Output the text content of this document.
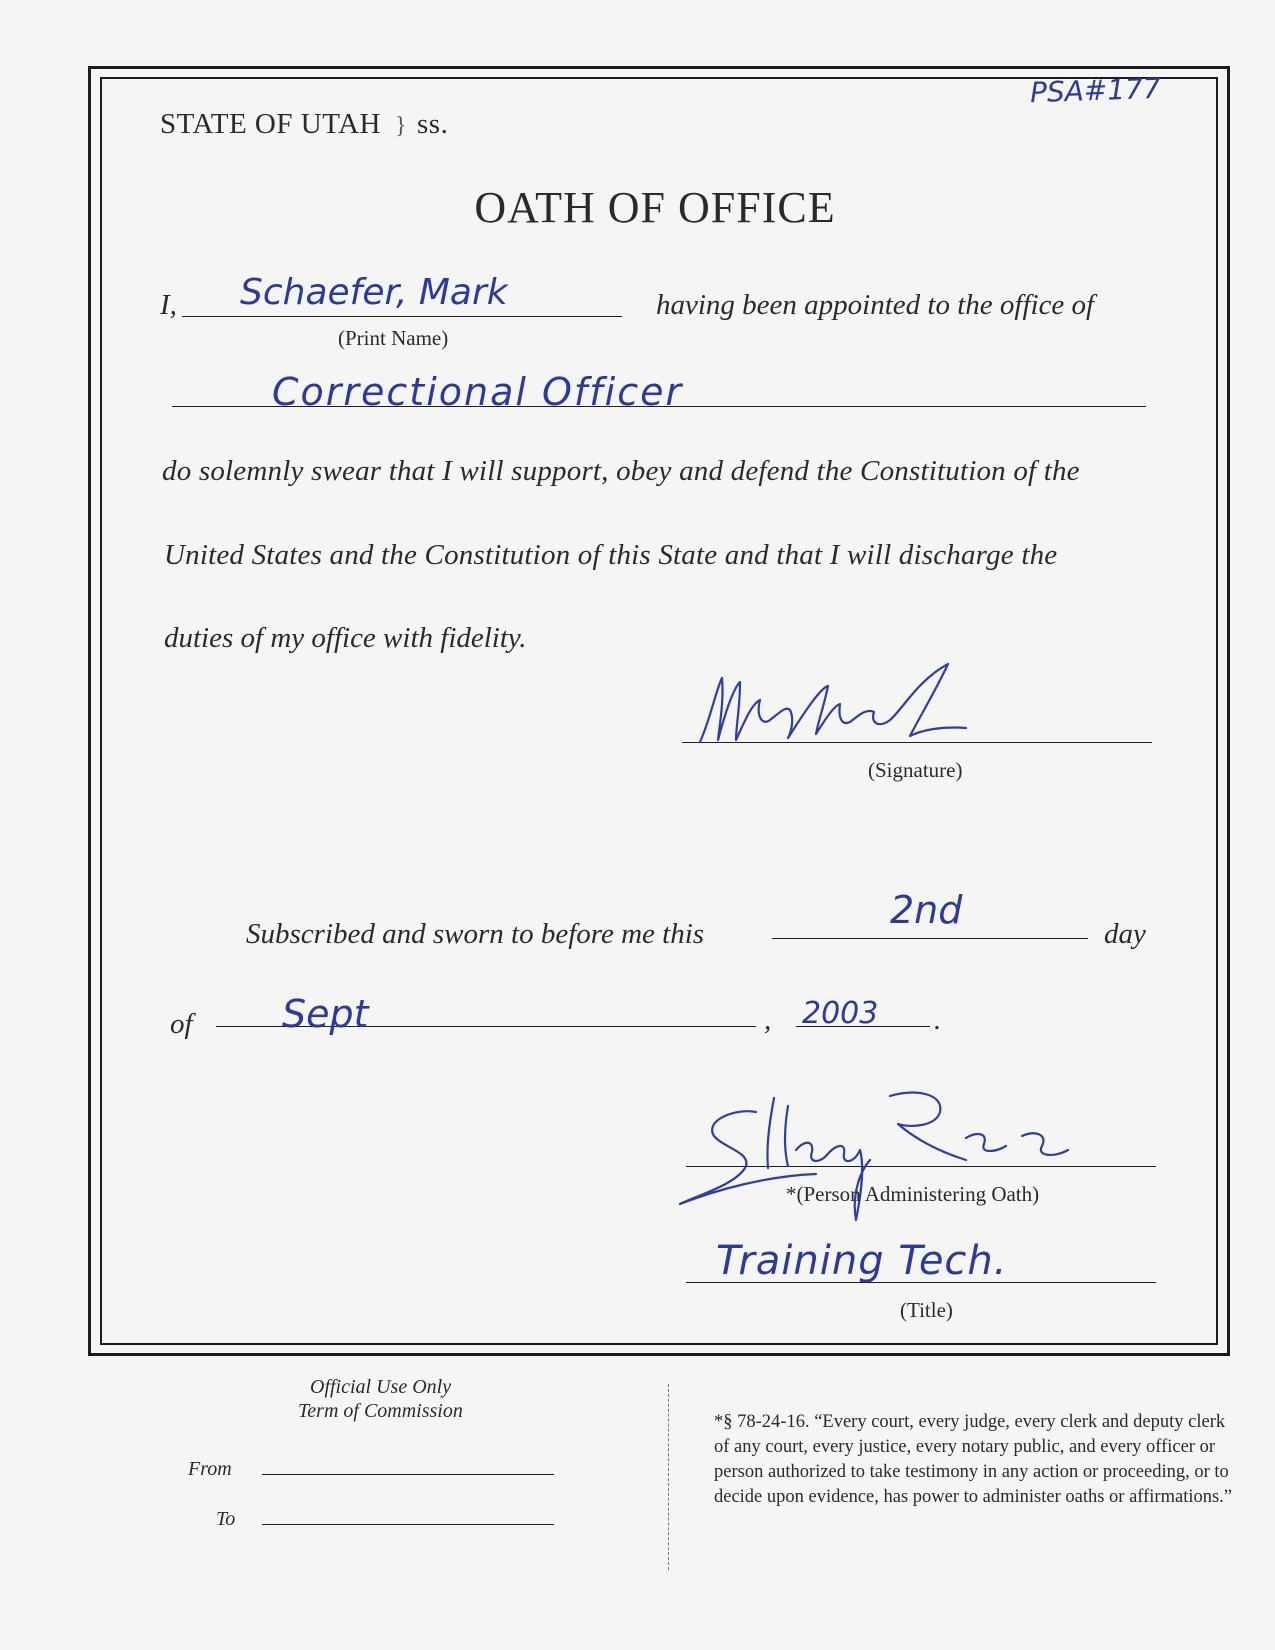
PSA#177
STATE OF UTAH } ss.
OATH OF OFFICE
I, Schaefer, Mark
(Print Name)
having been appointed to the office of
Correctional Officer
do solemnly swear that I will support, obey and defend the Constitution of the
United States and the Constitution of this State and that I will discharge the
duties of my office with fidelity.
(Signature)
Subscribed and sworn to before me this
2nd
day
of Sept	, 2003 .
*(Person Administering Oath)
Training Tech.
(Title)
Official Use Only
Term of Commission
From
To
*§ 78-24-16. “Every court, every judge, every clerk and deputy clerk of any court, every justice, every notary public, and every officer or person authorized to take testimony in any action or proceeding, or to decide upon evidence, has power to administer oaths or affirmations.”
